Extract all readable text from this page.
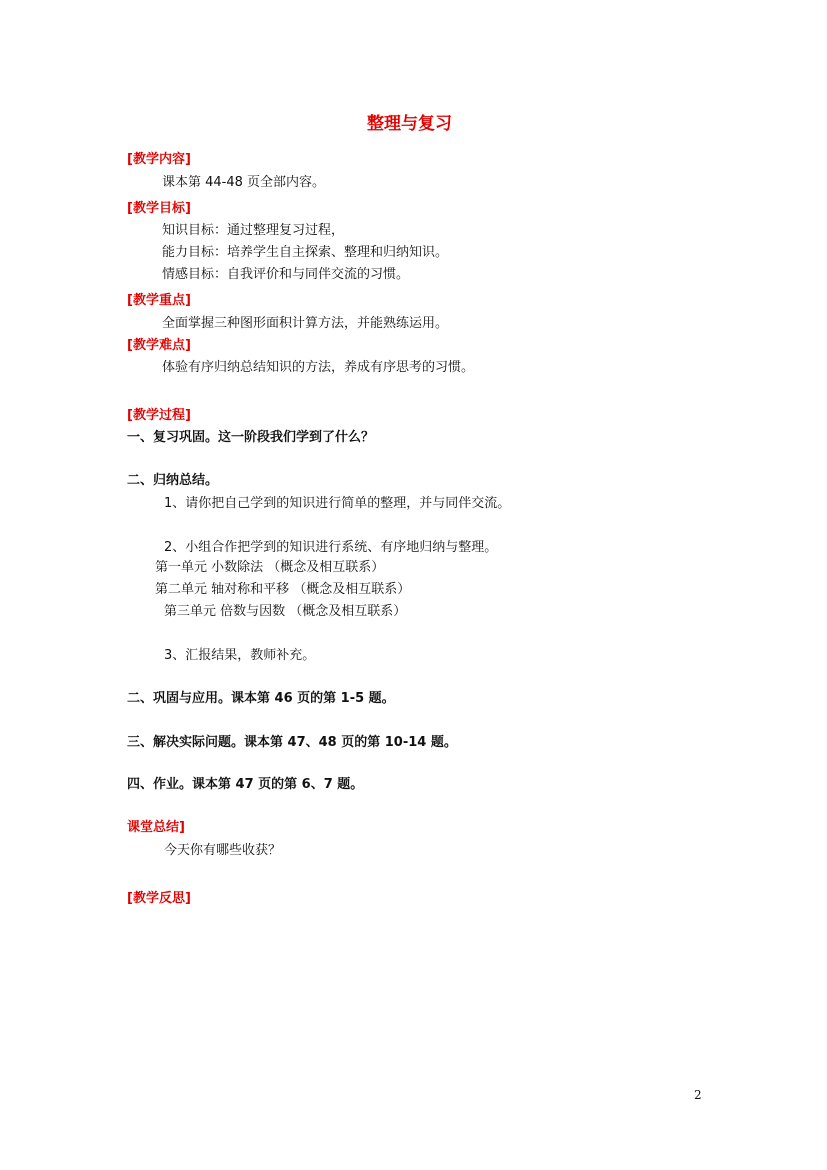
整理与复习
[教学内容]
课本第 44-48 页全部内容。
[教学目标]
知识目标：通过整理复习过程，
能力目标：培养学生自主探索、整理和归纳知识。
情感目标：自我评价和与同伴交流的习惯。
[教学重点]
全面掌握三种图形面积计算方法，并能熟练运用。
[教学难点]
体验有序归纳总结知识的方法，养成有序思考的习惯。
[教学过程]
一、复习巩固。这一阶段我们学到了什么？
二、归纳总结。
1、请你把自己学到的知识进行简单的整理，并与同伴交流。
2、小组合作把学到的知识进行系统、有序地归纳与整理。
第一单元 小数除法 （概念及相互联系）
第二单元 轴对称和平移 （概念及相互联系）
第三单元 倍数与因数 （概念及相互联系）
3、汇报结果，教师补充。
二、巩固与应用。课本第 46 页的第 1-5 题。
三、解决实际问题。课本第 47、48 页的第 10-14 题。
四、作业。课本第 47 页的第 6、7 题。
课堂总结]
今天你有哪些收获？
[教学反思]
2
